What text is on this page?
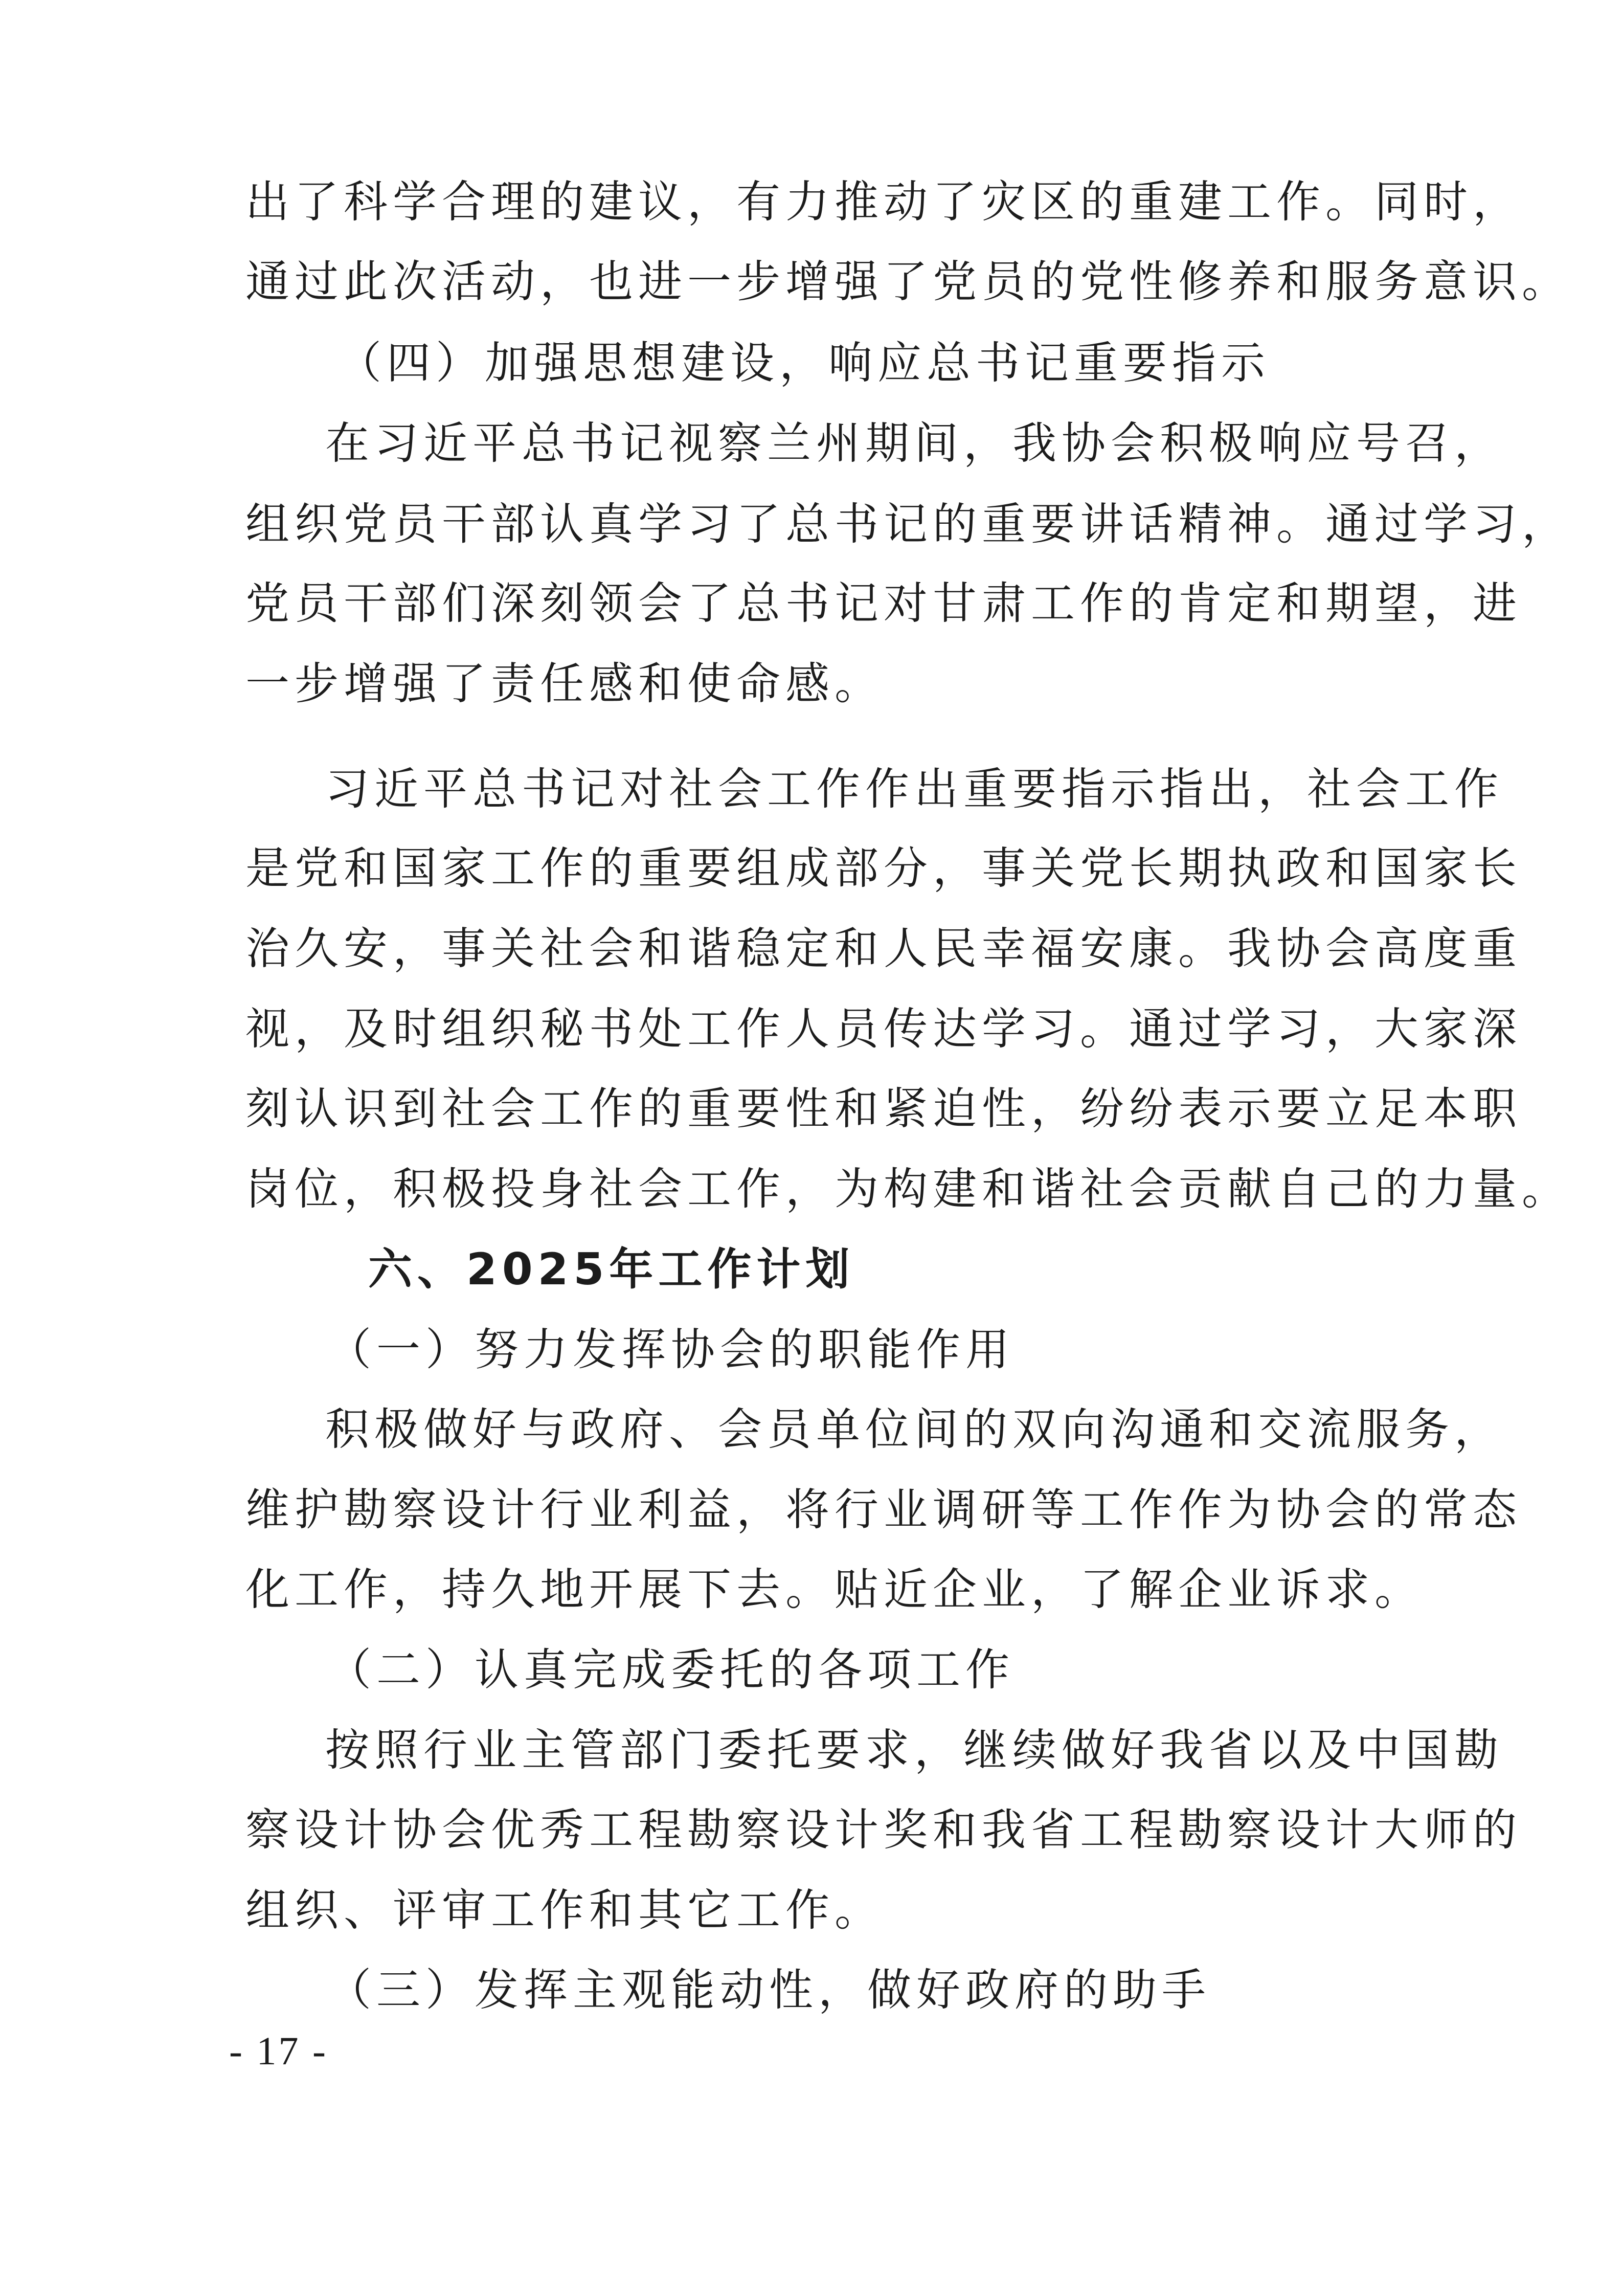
出了科学合理的建议，有力推动了灾区的重建工作。同时，
通过此次活动，也进一步增强了党员的党性修养和服务意识。
（四）加强思想建设，响应总书记重要指示
在习近平总书记视察兰州期间，我协会积极响应号召，
组织党员干部认真学习了总书记的重要讲话精神。通过学习，
党员干部们深刻领会了总书记对甘肃工作的肯定和期望，进
一步增强了责任感和使命感。
习近平总书记对社会工作作出重要指示指出，社会工作
是党和国家工作的重要组成部分，事关党长期执政和国家长
治久安，事关社会和谐稳定和人民幸福安康。我协会高度重
视，及时组织秘书处工作人员传达学习。通过学习，大家深
刻认识到社会工作的重要性和紧迫性，纷纷表示要立足本职
岗位，积极投身社会工作，为构建和谐社会贡献自己的力量。
六、2025年工作计划
（一）努力发挥协会的职能作用
积极做好与政府、会员单位间的双向沟通和交流服务，
维护勘察设计行业利益，将行业调研等工作作为协会的常态
化工作，持久地开展下去。贴近企业，了解企业诉求。
（二）认真完成委托的各项工作
按照行业主管部门委托要求，继续做好我省以及中国勘
察设计协会优秀工程勘察设计奖和我省工程勘察设计大师的
组织、评审工作和其它工作。
（三）发挥主观能动性，做好政府的助手
- 17 -
